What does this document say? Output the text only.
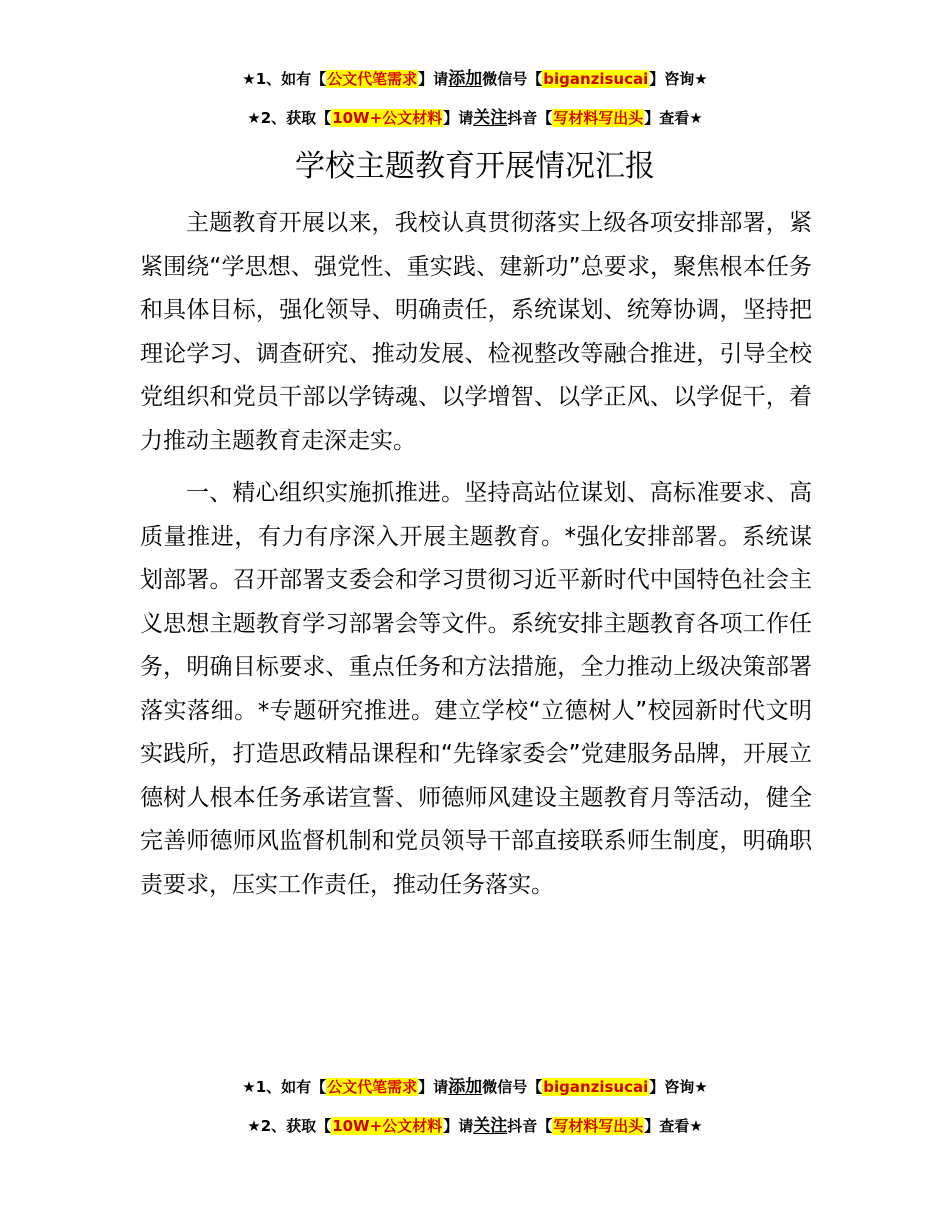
★1、如有【公文代笔需求】请添加微信号【biganzisucai】咨询★
★2、获取【10W+公文材料】请关注抖音【写材料写出头】查看★
学校主题教育开展情况汇报

主题教育开展以来，我校认真贯彻落实上级各项安排部署，紧紧围绕“学思想、强党性、重实践、建新功”总要求，聚焦根本任务和具体目标，强化领导、明确责任，系统谋划、统筹协调，坚持把理论学习、调查研究、推动发展、检视整改等融合推进，引导全校党组织和党员干部以学铸魂、以学增智、以学正风、以学促干，着力推动主题教育走深走实。

一、精心组织实施抓推进。坚持高站位谋划、高标准要求、高质量推进，有力有序深入开展主题教育。*强化安排部署。系统谋划部署。召开部署支委会和学习贯彻习近平新时代中国特色社会主义思想主题教育学习部署会等文件。系统安排主题教育各项工作任务，明确目标要求、重点任务和方法措施，全力推动上级决策部署落实落细。*专题研究推进。建立学校“立德树人”校园新时代文明实践所，打造思政精品课程和“先锋家委会”党建服务品牌，开展立德树人根本任务承诺宣誓、师德师风建设主题教育月等活动，健全完善师德师风监督机制和党员领导干部直接联系师生制度，明确职责要求，压实工作责任，推动任务落实。

★1、如有【公文代笔需求】请添加微信号【biganzisucai】咨询★
★2、获取【10W+公文材料】请关注抖音【写材料写出头】查看★
